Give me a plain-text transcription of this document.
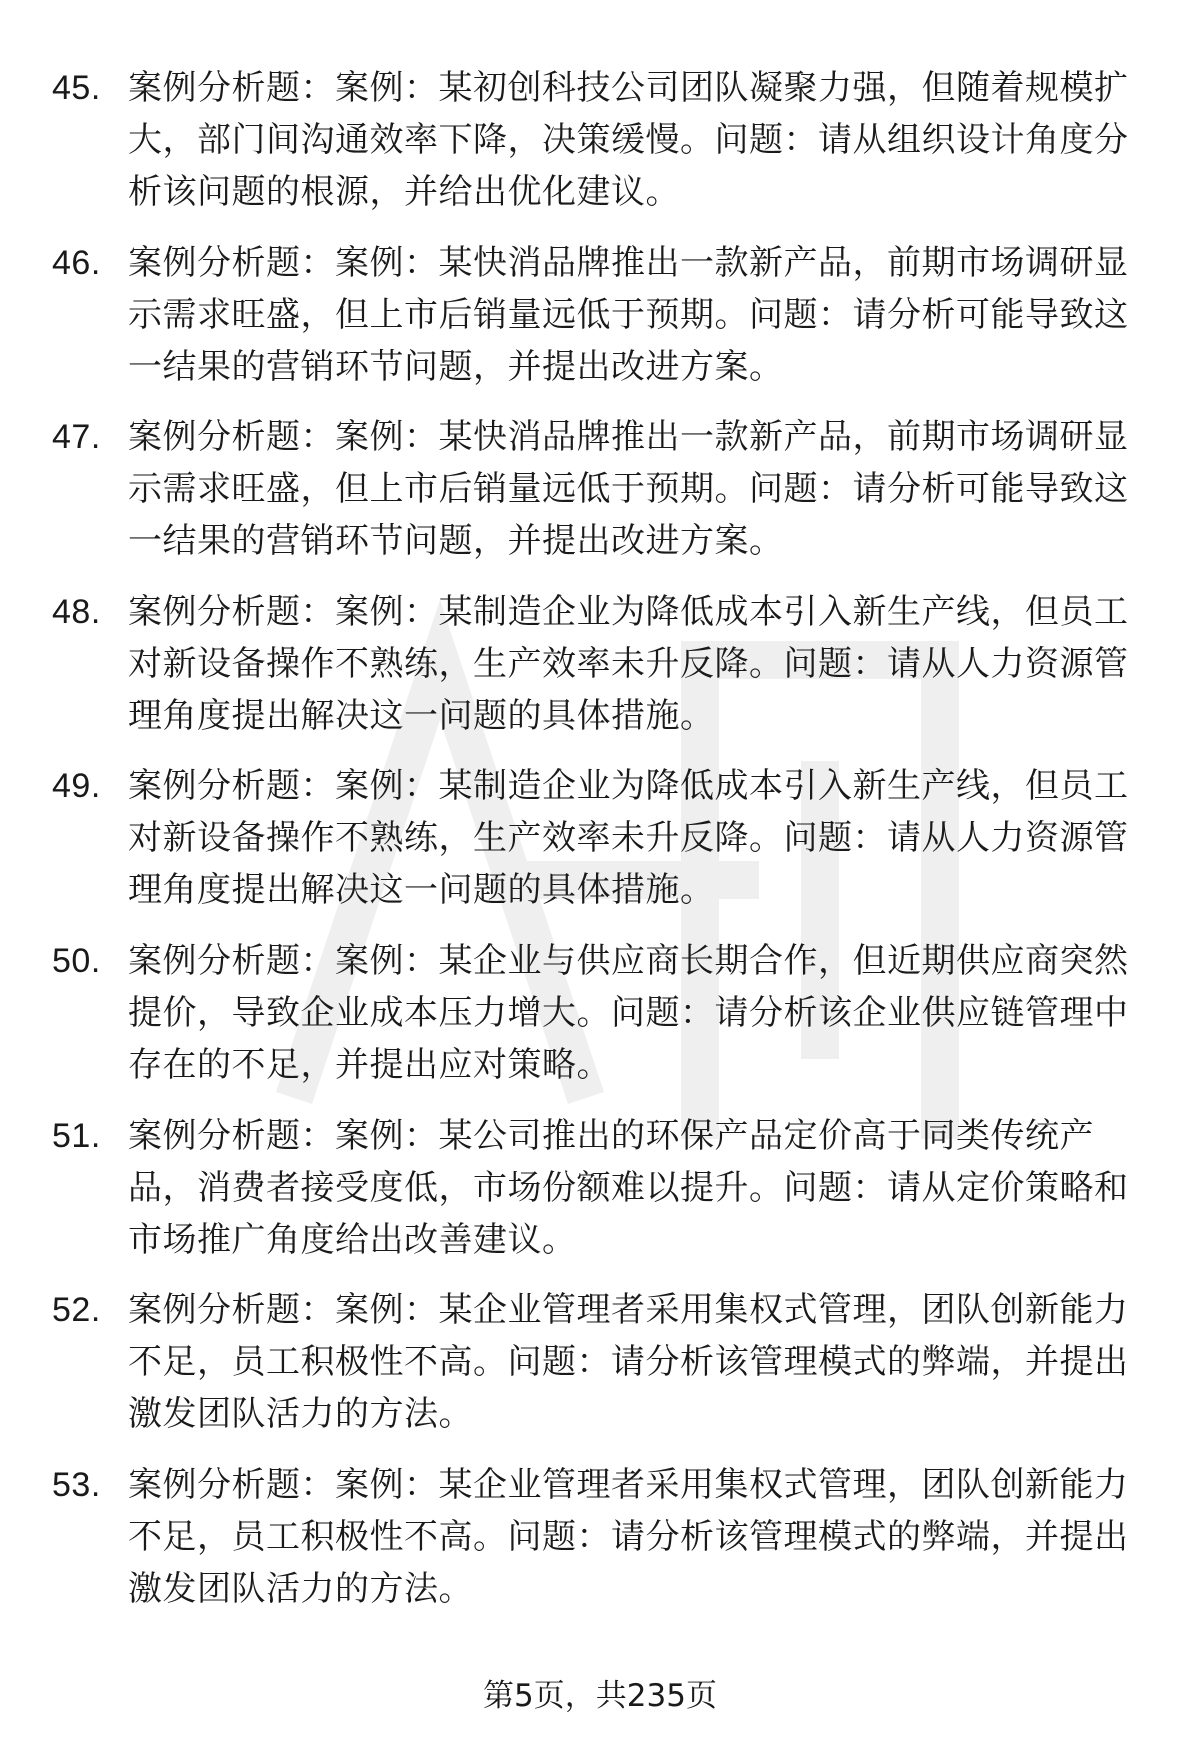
45. 案例分析题：案例：某初创科技公司团队凝聚力强，但随着规模扩大，部门间沟通效率下降，决策缓慢。问题：请从组织设计角度分析该问题的根源，并给出优化建议。
46. 案例分析题：案例：某快消品牌推出一款新产品，前期市场调研显示需求旺盛，但上市后销量远低于预期。问题：请分析可能导致这一结果的营销环节问题，并提出改进方案。
47. 案例分析题：案例：某快消品牌推出一款新产品，前期市场调研显示需求旺盛，但上市后销量远低于预期。问题：请分析可能导致这一结果的营销环节问题，并提出改进方案。
48. 案例分析题：案例：某制造企业为降低成本引入新生产线，但员工对新设备操作不熟练，生产效率未升反降。问题：请从人力资源管理角度提出解决这一问题的具体措施。
49. 案例分析题：案例：某制造企业为降低成本引入新生产线，但员工对新设备操作不熟练，生产效率未升反降。问题：请从人力资源管理角度提出解决这一问题的具体措施。
50. 案例分析题：案例：某企业与供应商长期合作，但近期供应商突然提价，导致企业成本压力增大。问题：请分析该企业供应链管理中存在的不足，并提出应对策略。
51. 案例分析题：案例：某公司推出的环保产品定价高于同类传统产品，消费者接受度低，市场份额难以提升。问题：请从定价策略和市场推广角度给出改善建议。
52. 案例分析题：案例：某企业管理者采用集权式管理，团队创新能力不足，员工积极性不高。问题：请分析该管理模式的弊端，并提出激发团队活力的方法。
53. 案例分析题：案例：某企业管理者采用集权式管理，团队创新能力不足，员工积极性不高。问题：请分析该管理模式的弊端，并提出激发团队活力的方法。
第5页，共235页
